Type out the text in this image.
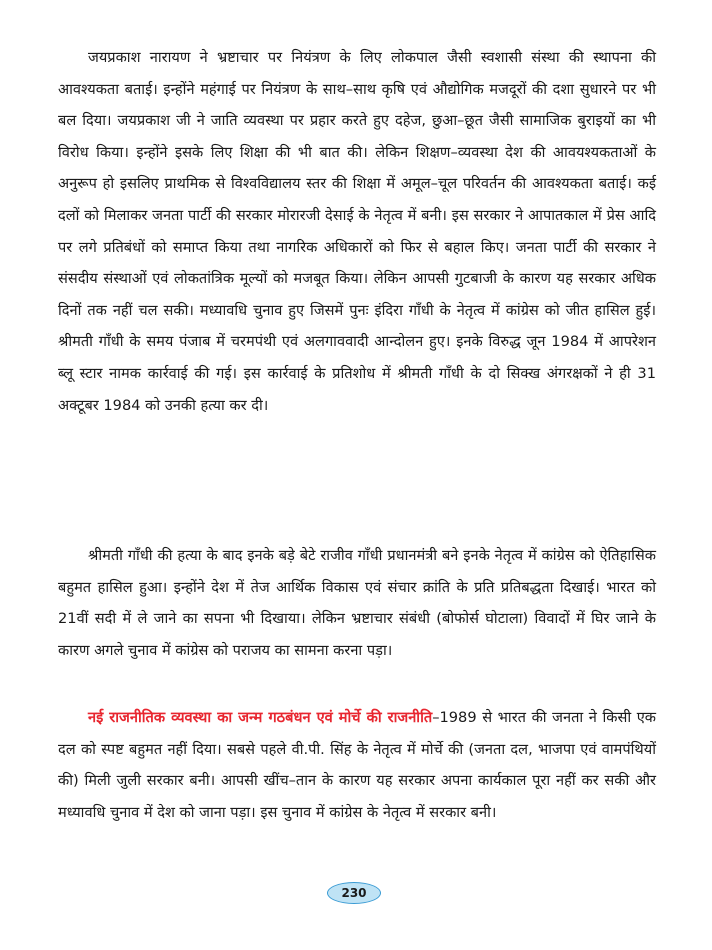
जयप्रकाश नारायण ने भ्रष्टाचार पर नियंत्रण के लिए लोकपाल जैसी स्वशासी संस्था की स्थापना की आवश्यकता बताई। इन्होंने महंगाई पर नियंत्रण के साथ–साथ कृषि एवं औद्योगिक मजदूरों की दशा सुधारने पर भी बल दिया। जयप्रकाश जी ने जाति व्यवस्था पर प्रहार करते हुए दहेज, छुआ–छूत जैसी सामाजिक बुराइयों का भी विरोध किया। इन्होंने इसके लिए शिक्षा की भी बात की। लेकिन शिक्षण–व्यवस्था देश की आवयश्यकताओं के अनुरूप हो इसलिए प्राथमिक से विश्वविद्यालय स्तर की शिक्षा में अमूल–चूल परिवर्तन की आवश्यकता बताई। कई दलों को मिलाकर जनता पार्टी की सरकार मोरारजी देसाई के नेतृत्व में बनी। इस सरकार ने आपातकाल में प्रेस आदि पर लगे प्रतिबंधों को समाप्त किया तथा नागरिक अधिकारों को फिर से बहाल किए। जनता पार्टी की सरकार ने संसदीय संस्थाओं एवं लोकतांत्रिक मूल्यों को मजबूत किया। लेकिन आपसी गुटबाजी के कारण यह सरकार अधिक दिनों तक नहीं चल सकी। मध्यावधि चुनाव हुए जिसमें पुनः इंदिरा गाँधी के नेतृत्व में कांग्रेस को जीत हासिल हुई। श्रीमती गाँधी के समय पंजाब में चरमपंथी एवं अलगाववादी आन्दोलन हुए। इनके विरुद्ध जून 1984 में आपरेशन ब्लू स्टार नामक कार्रवाई की गई। इस कार्रवाई के प्रतिशोध में श्रीमती गाँधी के दो सिक्ख अंगरक्षकों ने ही 31 अक्टूबर 1984 को उनकी हत्या कर दी।

श्रीमती गाँधी की हत्या के बाद इनके बड़े बेटे राजीव गाँधी प्रधानमंत्री बने इनके नेतृत्व में कांग्रेस को ऐतिहासिक बहुमत हासिल हुआ। इन्होंने देश में तेज आर्थिक विकास एवं संचार क्रांति के प्रति प्रतिबद्धता दिखाई। भारत को 21वीं सदी में ले जाने का सपना भी दिखाया। लेकिन भ्रष्टाचार संबंधी (बोफोर्स घोटाला) विवादों में घिर जाने के कारण अगले चुनाव में कांग्रेस को पराजय का सामना करना पड़ा।

नई राजनीतिक व्यवस्था का जन्म गठबंधन एवं मोर्चे की राजनीति–1989 से भारत की जनता ने किसी एक दल को स्पष्ट बहुमत नहीं दिया। सबसे पहले वी.पी. सिंह के नेतृत्व में मोर्चे की (जनता दल, भाजपा एवं वामपंथियों की) मिली जुली सरकार बनी। आपसी खींच–तान के कारण यह सरकार अपना कार्यकाल पूरा नहीं कर सकी और मध्यावधि चुनाव में देश को जाना पड़ा। इस चुनाव में कांग्रेस के नेतृत्व में सरकार बनी।

230
